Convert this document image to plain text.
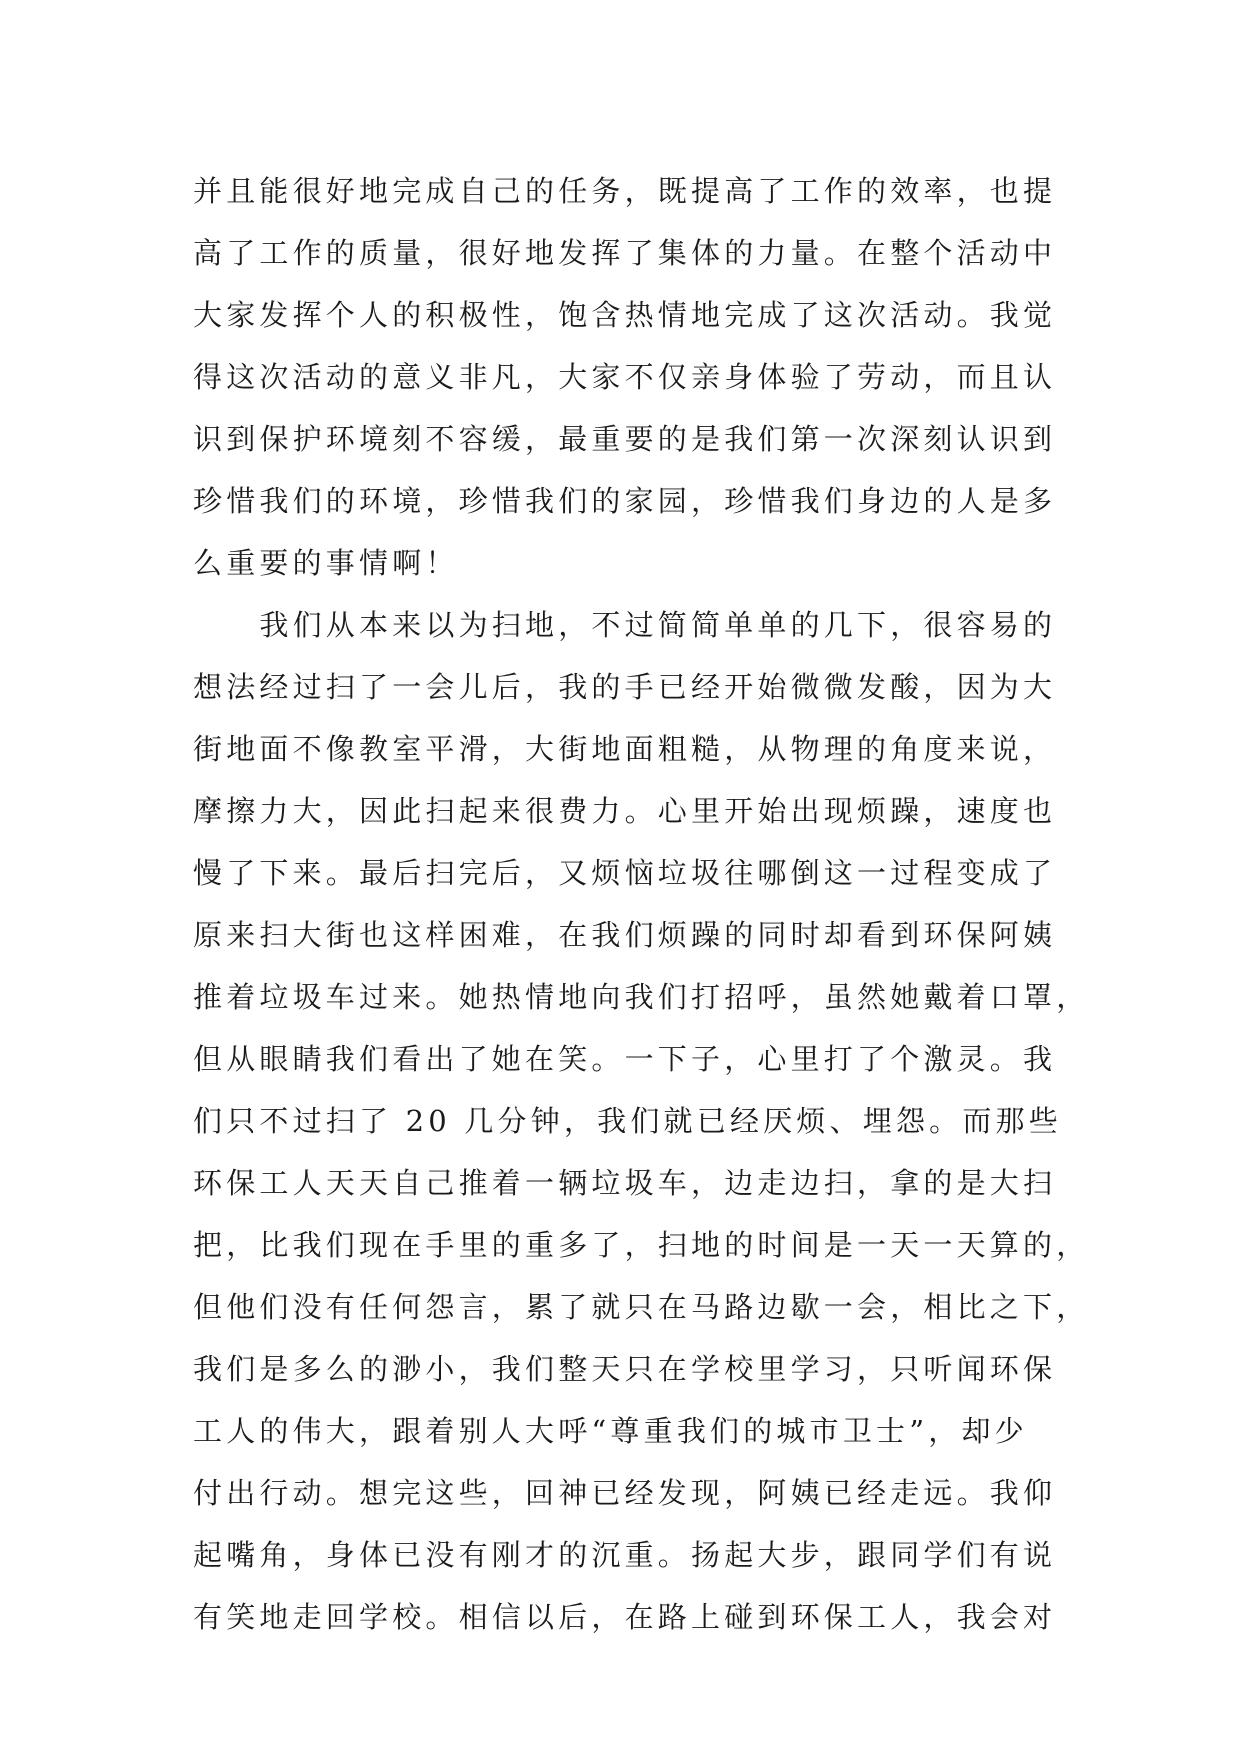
并且能很好地完成自己的任务，既提高了工作的效率，也提
高了工作的质量，很好地发挥了集体的力量。在整个活动中
大家发挥个人的积极性，饱含热情地完成了这次活动。我觉
得这次活动的意义非凡，大家不仅亲身体验了劳动，而且认
识到保护环境刻不容缓，最重要的是我们第一次深刻认识到
珍惜我们的环境，珍惜我们的家园，珍惜我们身边的人是多
么重要的事情啊！
　　我们从本来以为扫地，不过简简单单的几下，很容易的
想法经过扫了一会儿后，我的手已经开始微微发酸，因为大
街地面不像教室平滑，大街地面粗糙，从物理的角度来说，
摩擦力大，因此扫起来很费力。心里开始出现烦躁，速度也
慢了下来。最后扫完后，又烦恼垃圾往哪倒这一过程变成了
原来扫大街也这样困难，在我们烦躁的同时却看到环保阿姨
推着垃圾车过来。她热情地向我们打招呼，虽然她戴着口罩，
但从眼睛我们看出了她在笑。一下子，心里打了个激灵。我
们只不过扫了 20 几分钟，我们就已经厌烦、埋怨。而那些
环保工人天天自己推着一辆垃圾车，边走边扫，拿的是大扫
把，比我们现在手里的重多了，扫地的时间是一天一天算的，
但他们没有任何怨言，累了就只在马路边歇一会，相比之下，
我们是多么的渺小，我们整天只在学校里学习，只听闻环保
工人的伟大，跟着别人大呼“尊重我们的城市卫士”，却少
付出行动。想完这些，回神已经发现，阿姨已经走远。我仰
起嘴角，身体已没有刚才的沉重。扬起大步，跟同学们有说
有笑地走回学校。相信以后，在路上碰到环保工人，我会对
